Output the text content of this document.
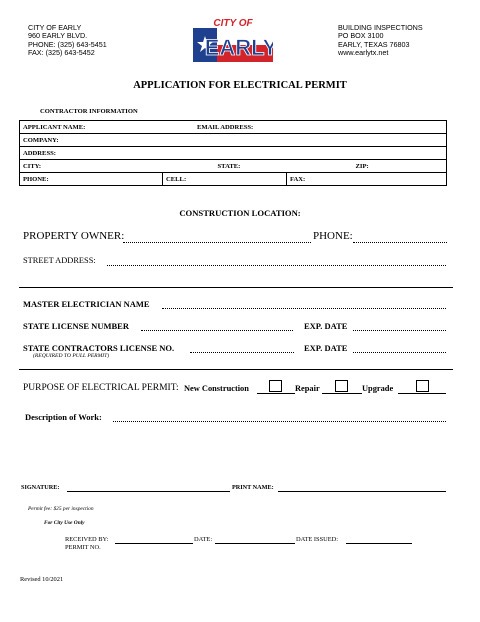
CITY OF EARLY
960 EARLY BLVD.
PHONE: (325) 643-5451
FAX: (325) 643-5452
CITY OF
EARLY
BUILDING INSPECTIONS
PO BOX 3100
EARLY, TEXAS 76803
www.earlytx.net
APPLICATION FOR ELECTRICAL PERMIT
CONTRACTOR INFORMATION
APPLICANT NAME:	EMAIL ADDRESS:
COMPANY:
ADDRESS:
CITY:	STATE:	ZIP:

PHONE:	CELL:	FAX:
CONSTRUCTION LOCATION:
PROPERTY OWNER:	PHONE:
STREET ADDRESS:
MASTER ELECTRICIAN NAME
STATE LICENSE NUMBER	EXP. DATE
STATE CONTRACTORS LICENSE NO.	EXP. DATE
(REQUIRED TO PULL PERMIT)
PURPOSE OF ELECTRICAL PERMIT: New Construction	Repair	Upgrade
Description of Work:
SIGNATURE:	PRINT NAME:
Permit fee: $25 per inspection
For City Use Only
RECEIVED BY:	DATE:	DATE ISSUED:
PERMIT NO.
Revised 10/2021
